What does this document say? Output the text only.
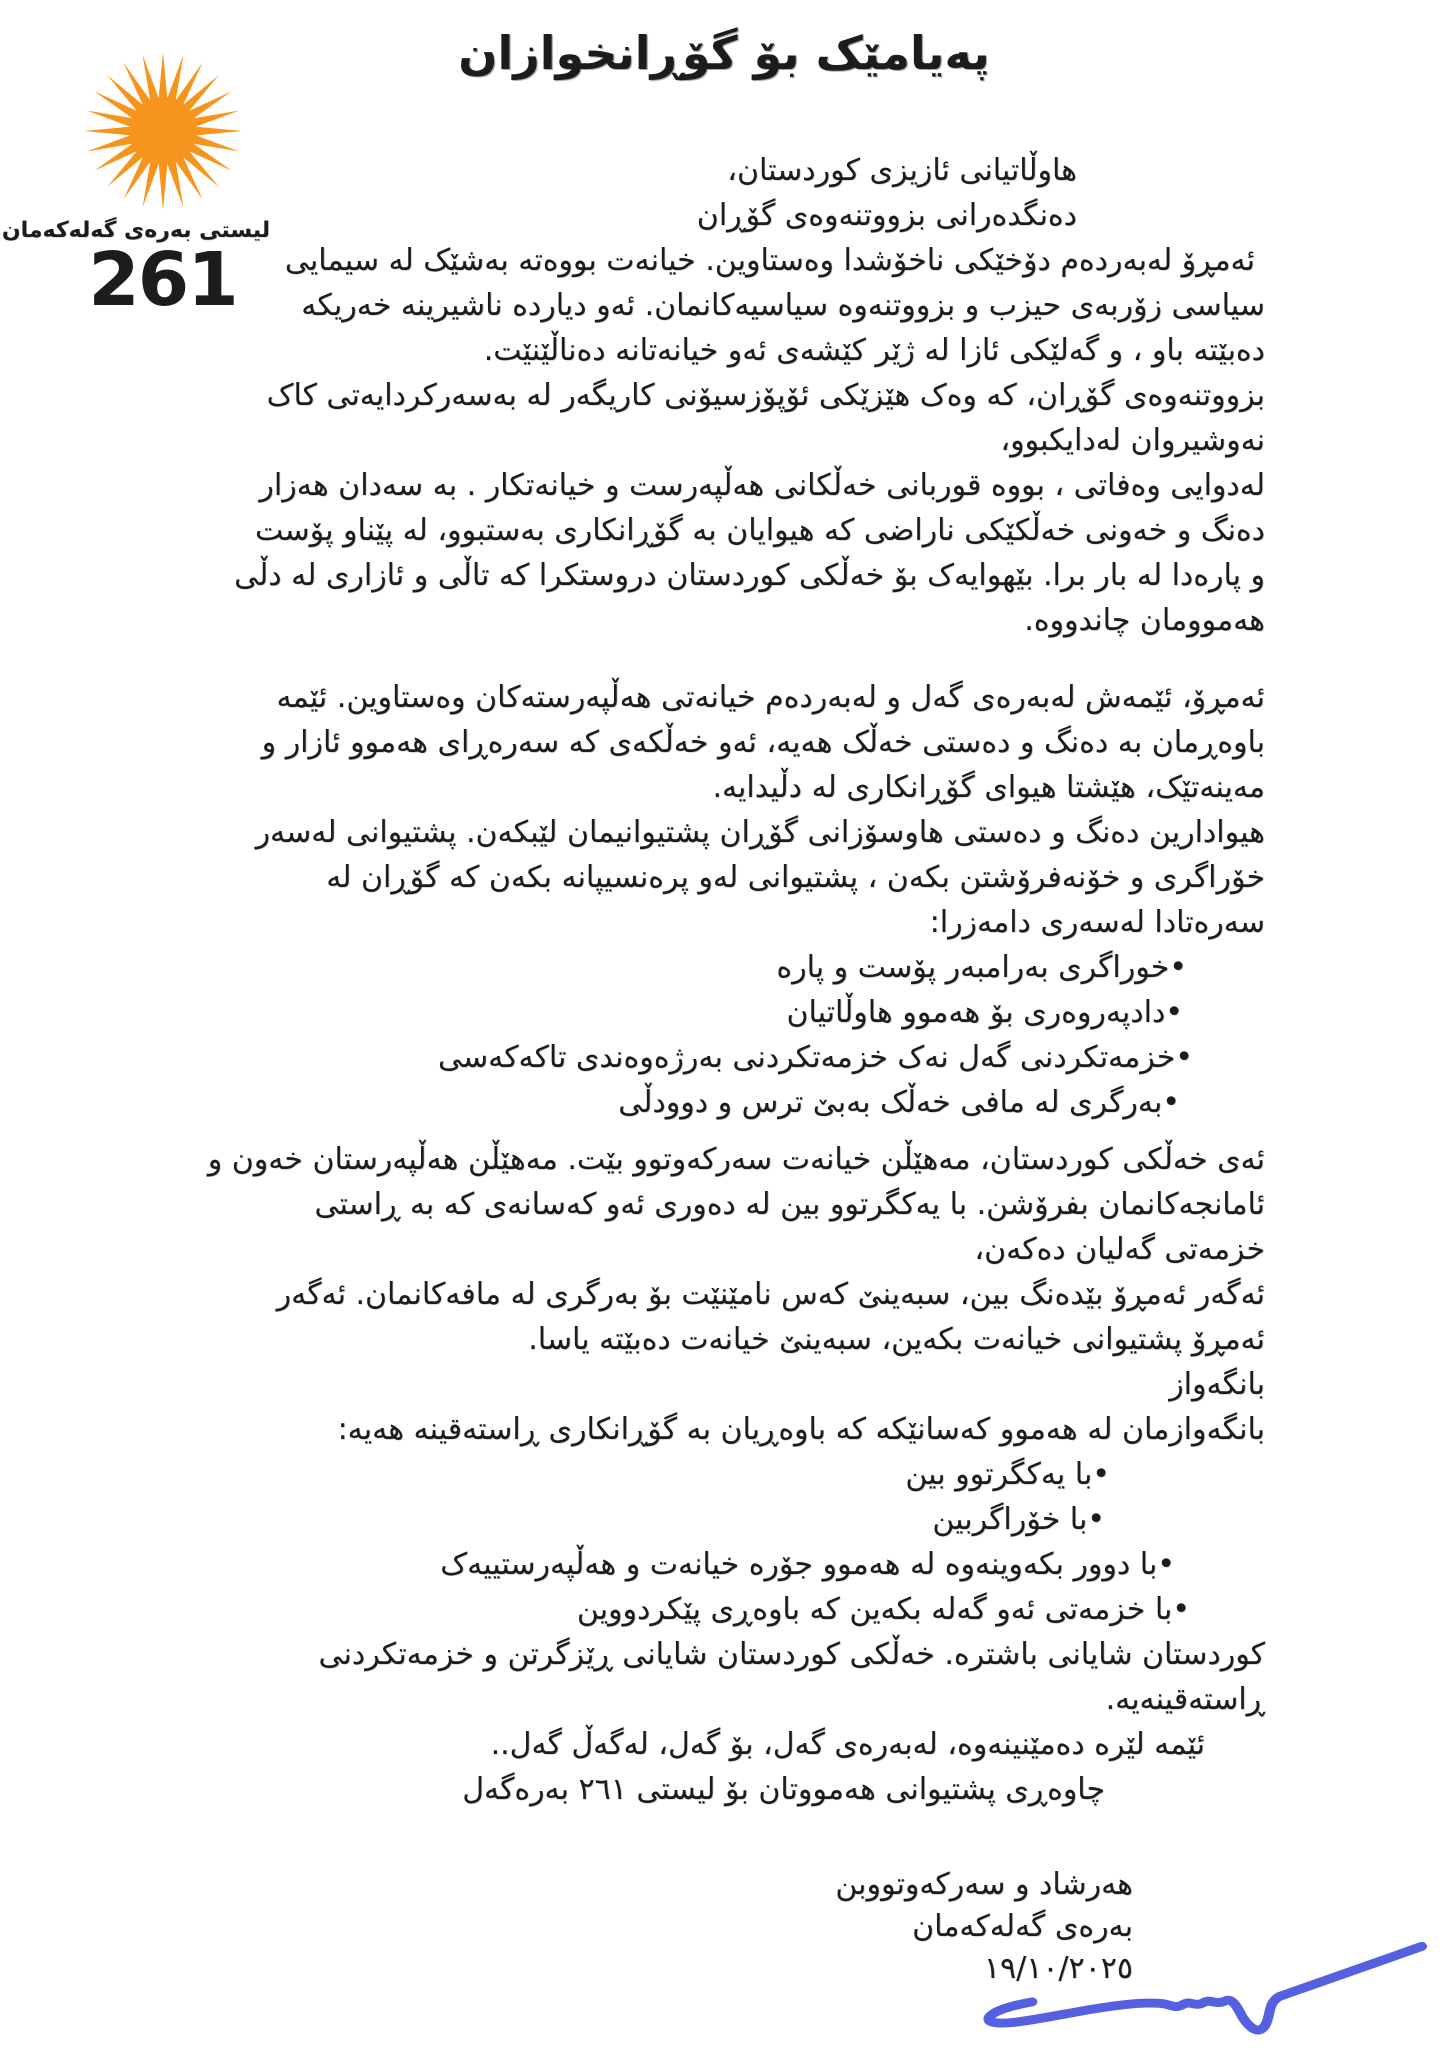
پەیامێک بۆ گۆڕانخوازان
لیستی بەرەی گەلەکەمان
261
هاوڵاتیانی ئازیزی کوردستان،
دەنگدەرانی بزووتنەوەی گۆڕان
ئەمڕۆ لەبەردەم دۆخێکی ناخۆشدا وەستاوین. خیانەت بووەتە بەشێک لە سیمایی
سیاسی زۆربەی حیزب و بزووتنەوە سیاسیەکانمان. ئەو دیاردە ناشیرینە خەریکە
دەبێتە باو ، و گەلێکی ئازا لە ژێر کێشەی ئەو خیانەتانە دەناڵێنێت.
بزووتنەوەی گۆڕان، کە وەک هێزێکی ئۆپۆزسیۆنی کاریگەر لە بەسەرکردایەتی کاک
نەوشیروان لەدایکبوو،
لەدوایی وەفاتی ، بووە قوربانی خەڵکانی هەڵپەرست و خیانەتکار . بە سەدان هەزار
دەنگ و خەونی خەڵکێکی ناراضی کە هیوایان بە گۆڕانکاری بەستبوو، لە پێناو پۆست
و پارەدا لە بار برا. بێهوایەک بۆ خەڵکی کوردستان دروستکرا کە تاڵی و ئازاری لە دڵی
هەموومان چاندووە.
ئەمڕۆ، ئێمەش لەبەرەی گەل و لەبەردەم خیانەتی هەڵپەرستەکان وەستاوین. ئێمە
باوەڕمان بە دەنگ و دەستی خەڵک هەیە، ئەو خەڵکەی کە سەرەڕای هەموو ئازار و
مەینەتێک، هێشتا هیوای گۆڕانکاری لە دڵیدایە.
هیوادارین دەنگ و دەستی هاوسۆزانی گۆڕان پشتیوانیمان لێبکەن. پشتیوانی لەسەر
خۆراگری و خۆنەفرۆشتن بکەن ، پشتیوانی لەو پرەنسیپانە بکەن کە گۆڕان لە
سەرەتادا لەسەری دامەزرا:
•خوراگری بەرامبەر پۆست و پارە
•دادپەروەری بۆ هەموو هاوڵاتیان
•خزمەتکردنی گەل نەک خزمەتکردنی بەرژەوەندی تاکەکەسی
•بەرگری لە مافی خەڵک بەبێ ترس و دوودڵی
ئەی خەڵکی کوردستان، مەهێڵن خیانەت سەرکەوتوو بێت. مەهێڵن هەڵپەرستان خەون و
ئامانجەکانمان بفرۆشن. با یەکگرتوو بین لە دەوری ئەو کەسانەی کە بە ڕاستی
خزمەتی گەلیان دەکەن،
ئەگەر ئەمڕۆ بێدەنگ بین، سبەینێ کەس نامێنێت بۆ بەرگری لە مافەکانمان. ئەگەر
ئەمڕۆ پشتیوانی خیانەت بکەین، سبەینێ خیانەت دەبێتە یاسا.
بانگەواز
بانگەوازمان لە هەموو کەسانێکە کە باوەڕیان بە گۆڕانکاری ڕاستەقینە هەیە:
•با یەکگرتوو بین
•با خۆراگربین
•با دوور بکەوینەوە لە هەموو جۆرە خیانەت و هەڵپەرستییەک
•با خزمەتی ئەو گەلە بکەین کە باوەڕی پێکردووین
کوردستان شایانی باشترە. خەڵکی کوردستان شایانی ڕێزگرتن و خزمەتکردنی
ڕاستەقینەیە.
ئێمە لێرە دەمێنینەوە، لەبەرەی گەل، بۆ گەل، لەگەڵ گەل..
چاوەڕی پشتیوانی هەمووتان بۆ لیستی ٢٦١ بەرەگەل
هەرشاد و سەرکەوتووبن
بەرەی گەلەکەمان
١٩/١٠/٢٠٢٥
